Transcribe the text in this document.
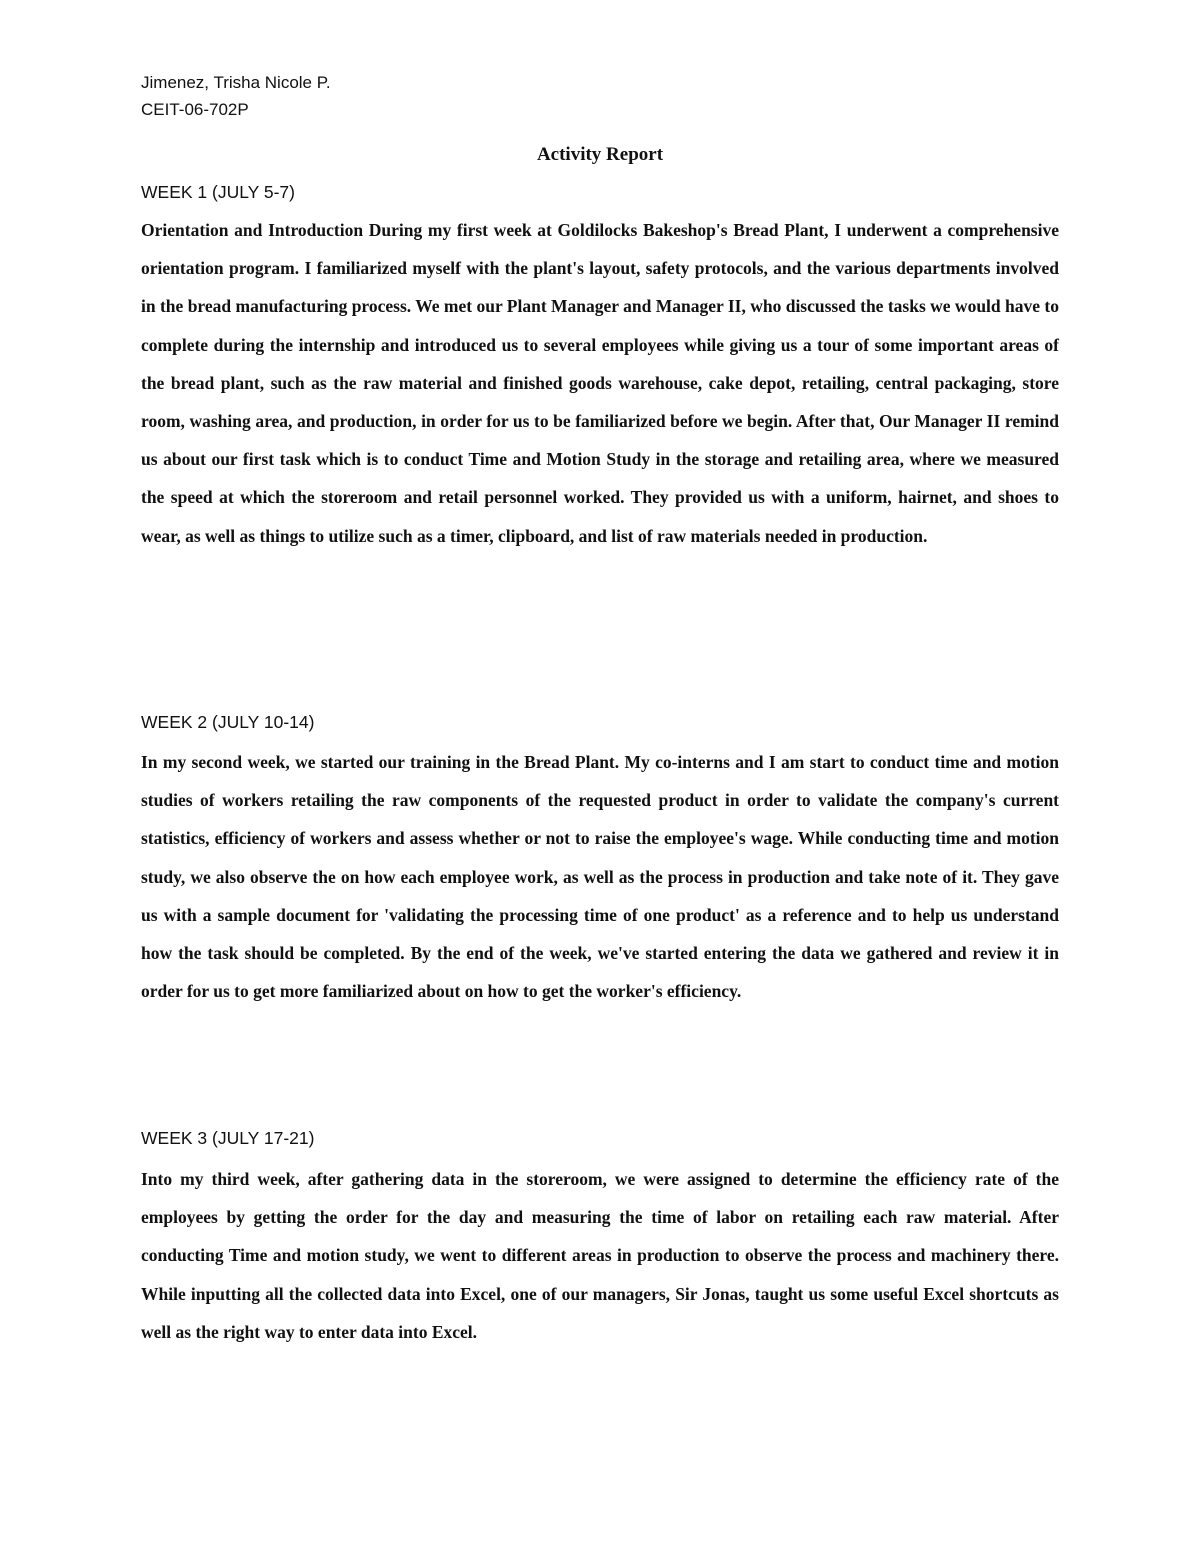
Jimenez, Trisha Nicole P.
CEIT-06-702P
Activity Report
WEEK 1 (JULY 5-7)

Orientation and Introduction During my first week at Goldilocks Bakeshop's Bread Plant, I underwent a comprehensive orientation program. I familiarized myself with the plant's layout, safety protocols, and the various departments involved in the bread manufacturing process. We met our Plant Manager and Manager II, who discussed the tasks we would have to complete during the internship and introduced us to several employees while giving us a tour of some important areas of the bread plant, such as the raw material and finished goods warehouse, cake depot, retailing, central packaging, store room, washing area, and production, in order for us to be familiarized before we begin. After that, Our Manager II remind us about our first task which is to conduct Time and Motion Study in the storage and retailing area, where we measured the speed at which the storeroom and retail personnel worked. They provided us with a uniform, hairnet, and shoes to wear, as well as things to utilize such as a timer, clipboard, and list of raw materials needed in production.

WEEK 2 (JULY 10-14)

In my second week, we started our training in the Bread Plant. My co-interns and I am start to conduct time and motion studies of workers retailing the raw components of the requested product in order to validate the company's current statistics, efficiency of workers and assess whether or not to raise the employee's wage. While conducting time and motion study, we also observe the on how each employee work, as well as the process in production and take note of it. They gave us with a sample document for 'validating the processing time of one product' as a reference and to help us understand how the task should be completed. By the end of the week, we've started entering the data we gathered and review it in order for us to get more familiarized about on how to get the worker's efficiency.

WEEK 3 (JULY 17-21)

Into my third week, after gathering data in the storeroom, we were assigned to determine the efficiency rate of the employees by getting the order for the day and measuring the time of labor on retailing each raw material. After conducting Time and motion study, we went to different areas in production to observe the process and machinery there. While inputting all the collected data into Excel, one of our managers, Sir Jonas, taught us some useful Excel shortcuts as well as the right way to enter data into Excel.
